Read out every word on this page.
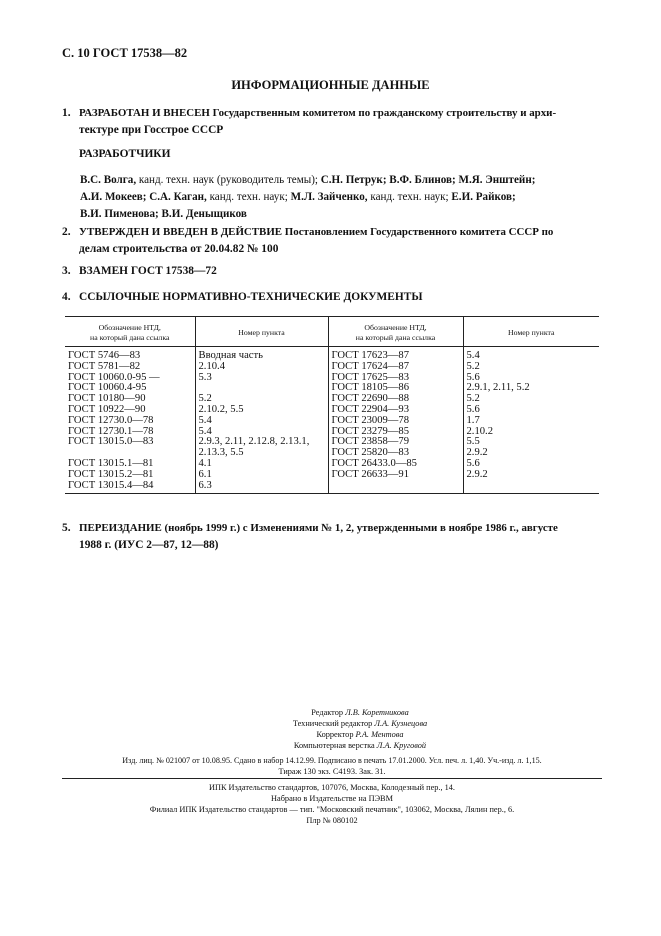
С. 10 ГОСТ 17538—82
ИНФОРМАЦИОННЫЕ ДАННЫЕ
1. РАЗРАБОТАН И ВНЕСЕН Государственным комитетом по гражданскому строительству и архи-
тектуре при Госстрое СССР
РАЗРАБОТЧИКИ
В.С. Волга, канд. техн. наук (руководитель темы); С.Н. Петрук; В.Ф. Блинов; М.Я. Энштейн;
А.И. Мокеев; С.А. Каган, канд. техн. наук; М.Л. Зайченко, канд. техн. наук; Е.И. Райков;
В.И. Пименова; В.И. Деныщиков
2. УТВЕРЖДЕН И ВВЕДЕН В ДЕЙСТВИЕ Постановлением Государственного комитета СССР по
делам строительства от 20.04.82 № 100
3. ВЗАМЕН ГОСТ 17538—72
4. ССЫЛОЧНЫЕ НОРМАТИВНО-ТЕХНИЧЕСКИЕ ДОКУМЕНТЫ
Обозначение НТД,
на который дана ссылка	Номер пункта	Обозначение НТД,
на который дана ссылка	Номер пункта
ГОСТ 5746—83	Вводная часть	ГОСТ 17623—87	5.4
ГОСТ 5781—82	2.10.4	ГОСТ 17624—87	5.2
ГОСТ 10060.0-95 —	5.3	ГОСТ 17625—83	5.6
ГОСТ 10060.4-95		ГОСТ 18105—86	2.9.1, 2.11, 5.2
ГОСТ 10180—90	5.2	ГОСТ 22690—88	5.2
ГОСТ 10922—90	2.10.2, 5.5	ГОСТ 22904—93	5.6
ГОСТ 12730.0—78	5.4	ГОСТ 23009—78	1.7
ГОСТ 12730.1—78	5.4	ГОСТ 23279—85	2.10.2
ГОСТ 13015.0—83	2.9.3, 2.11, 2.12.8, 2.13.1,	ГОСТ 23858—79	5.5
	2.13.3, 5.5	ГОСТ 25820—83	2.9.2
ГОСТ 13015.1—81	4.1	ГОСТ 26433.0—85	5.6
ГОСТ 13015.2—81	6.1	ГОСТ 26633—91	2.9.2
ГОСТ 13015.4—84	6.3		
5. ПЕРЕИЗДАНИЕ (ноябрь 1999 г.) с Изменениями № 1, 2, утвержденными в ноябре 1986 г., августе
1988 г. (ИУС 2—87, 12—88)
Редактор Л.В. Коретникова
Технический редактор Л.А. Кузнецова
Корректор Р.А. Ментова
Компьютерная верстка Л.А. Круговой
Изд. лиц. № 021007 от 10.08.95. Сдано в набор 14.12.99. Подписано в печать 17.01.2000. Усл. печ. л. 1,40. Уч.-изд. л. 1,15.
Тираж 130 экз. С4193. Зак. 31.
ИПК Издательство стандартов, 107076, Москва, Колодезный пер., 14.
Набрано в Издательстве на ПЭВМ
Филиал ИПК Издательство стандартов — тип. "Московский печатник", 103062, Москва, Лялин пер., 6.
Плр № 080102
